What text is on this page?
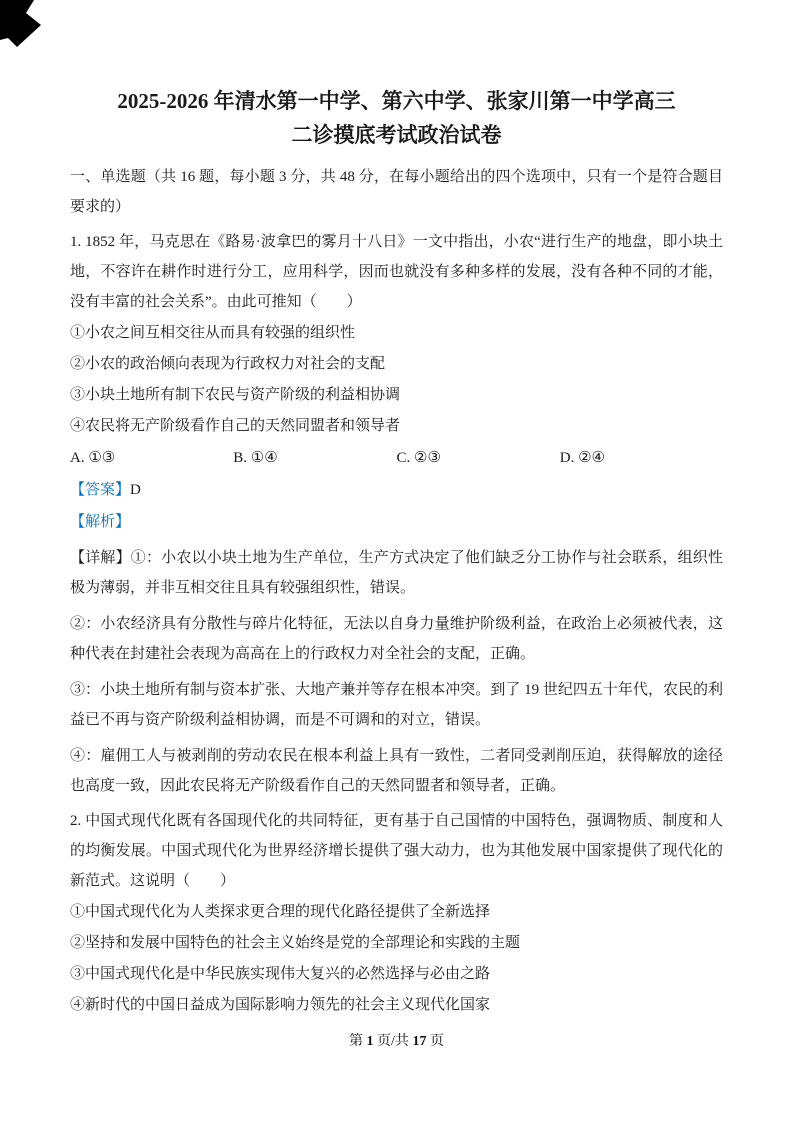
2025-2026 年清水第一中学、第六中学、张家川第一中学高三
二诊摸底考试政治试卷
一、单选题（共 16 题，每小题 3 分，共 48 分，在每小题给出的四个选项中，只有一个是符合题目要求的）

1. 1852 年，马克思在《路易·波拿巴的雾月十八日》一文中指出，小农“进行生产的地盘，即小块土地，不容许在耕作时进行分工，应用科学，因而也就没有多种多样的发展，没有各种不同的才能，没有丰富的社会关系”。由此可推知（　　）

①小农之间互相交往从而具有较强的组织性
②小农的政治倾向表现为行政权力对社会的支配
③小块土地所有制下农民与资产阶级的利益相协调
④农民将无产阶级看作自己的天然同盟者和领导者
A. ①③	B. ①④	C. ②③	D. ②④
【答案】D
【解析】

【详解】①：小农以小块土地为生产单位，生产方式决定了他们缺乏分工协作与社会联系，组织性极为薄弱，并非互相交往且具有较强组织性，错误。

②：小农经济具有分散性与碎片化特征，无法以自身力量维护阶级利益，在政治上必须被代表，这种代表在封建社会表现为高高在上的行政权力对全社会的支配，正确。

③：小块土地所有制与资本扩张、大地产兼并等存在根本冲突。到了 19 世纪四五十年代，农民的利益已不再与资产阶级利益相协调，而是不可调和的对立，错误。

④：雇佣工人与被剥削的劳动农民在根本利益上具有一致性，二者同受剥削压迫，获得解放的途径也高度一致，因此农民将无产阶级看作自己的天然同盟者和领导者，正确。

2. 中国式现代化既有各国现代化的共同特征，更有基于自己国情的中国特色，强调物质、制度和人的均衡发展。中国式现代化为世界经济增长提供了强大动力，也为其他发展中国家提供了现代化的新范式。这说明（　　）

①中国式现代化为人类探求更合理的现代化路径提供了全新选择
②坚持和发展中国特色的社会主义始终是党的全部理论和实践的主题
③中国式现代化是中华民族实现伟大复兴的必然选择与必由之路
④新时代的中国日益成为国际影响力领先的社会主义现代化国家
第 1 页/共 17 页
